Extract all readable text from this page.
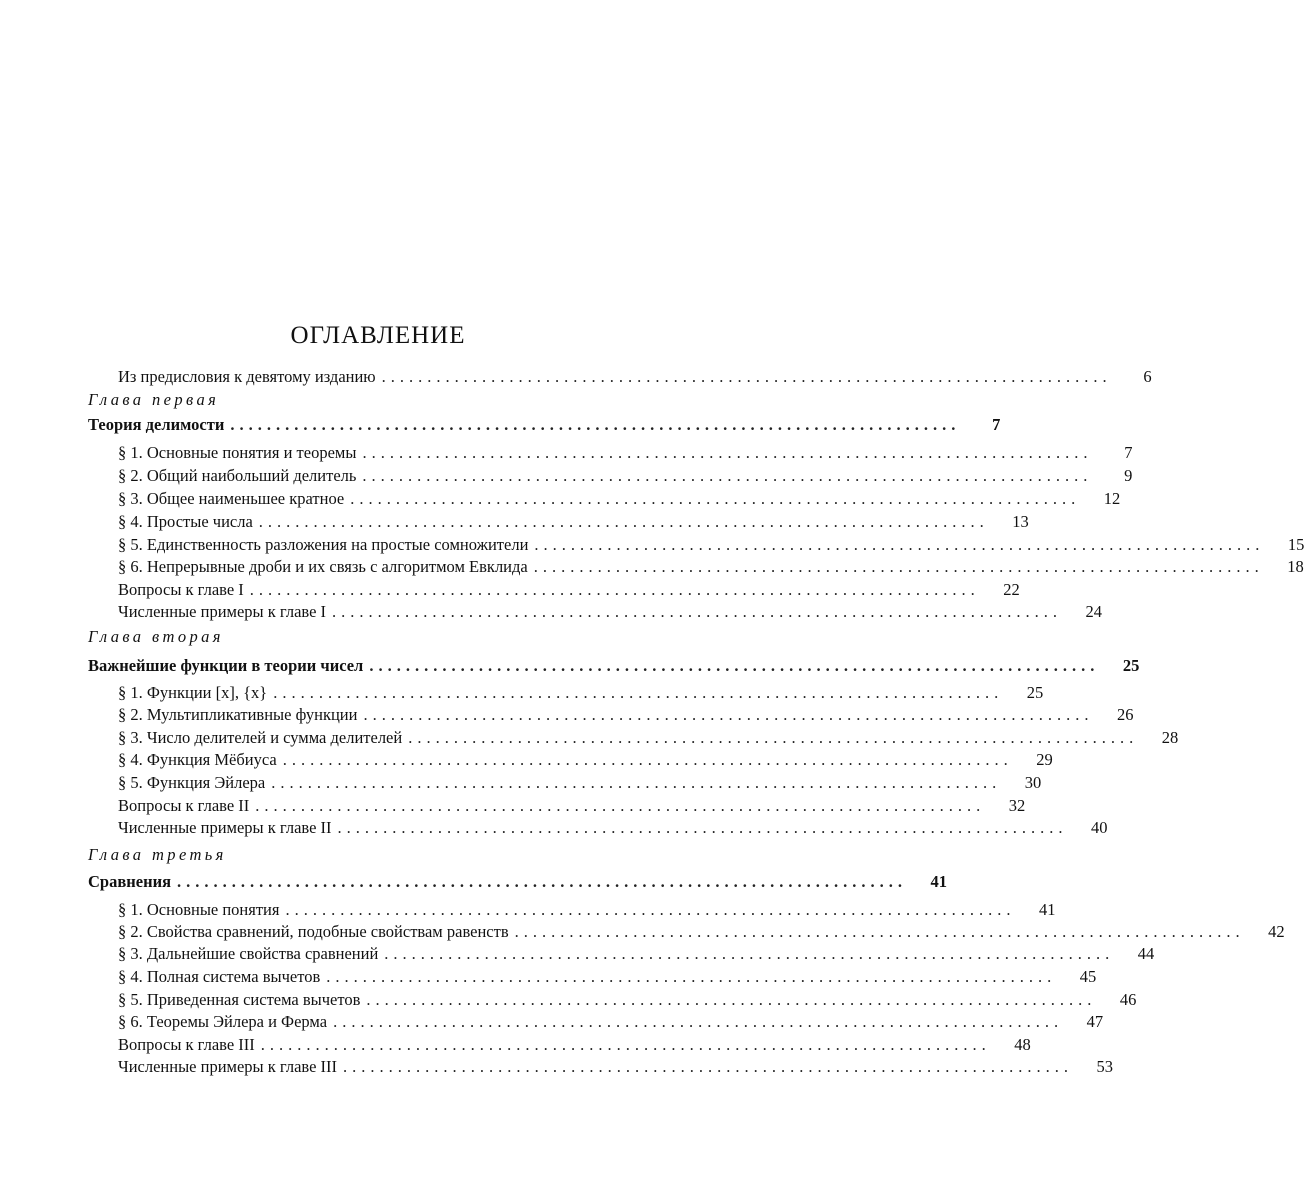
ОГЛАВЛЕНИЕ
Из предисловия к девятому изданию ................................................................................	6
Глава первая
Теория делимости ................................................................................	7
§ 1. Основные понятия и теоремы ................................................................................	7
§ 2. Общий наибольший делитель ................................................................................	9
§ 3. Общее наименьшее кратное ................................................................................	12
§ 4. Простые числа ................................................................................	13
§ 5. Единственность разложения на простые сомножители ................................................................................	15
§ 6. Непрерывные дроби и их связь с алгоритмом Евклида ................................................................................	18
Вопросы к главе I ................................................................................	22
Численные примеры к главе I ................................................................................	24
Глава вторая
Важнейшие функции в теории чисел ................................................................................	25
§ 1. Функции [x], {x} ................................................................................	25
§ 2. Мультипликативные функции ................................................................................	26
§ 3. Число делителей и сумма делителей ................................................................................	28
§ 4. Функция Мёбиуса ................................................................................	29
§ 5. Функция Эйлера ................................................................................	30
Вопросы к главе II ................................................................................	32
Численные примеры к главе II ................................................................................	40
Глава третья
Сравнения ................................................................................	41
§ 1. Основные понятия ................................................................................	41
§ 2. Свойства сравнений, подобные свойствам равенств ................................................................................	42
§ 3. Дальнейшие свойства сравнений ................................................................................	44
§ 4. Полная система вычетов ................................................................................	45
§ 5. Приведенная система вычетов ................................................................................	46
§ 6. Теоремы Эйлера и Ферма ................................................................................	47
Вопросы к главе III ................................................................................	48
Численные примеры к главе III ................................................................................	53
